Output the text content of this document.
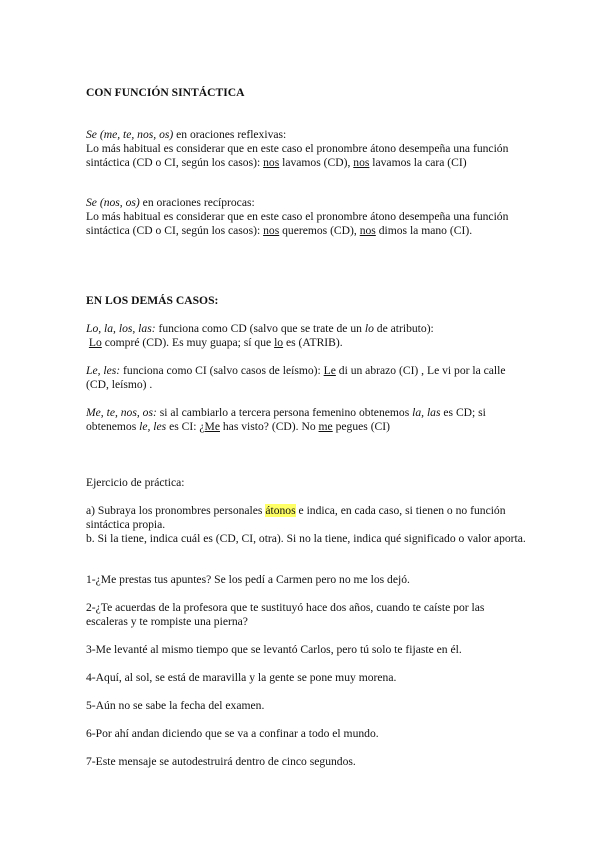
CON FUNCIÓN SINTÁCTICA

Se (me, te, nos, os) en oraciones reflexivas:
Lo más habitual es considerar que en este caso el pronombre átono desempeña una función sintáctica (CD o CI, según los casos): nos lavamos (CD), nos lavamos la cara (CI)

Se (nos, os) en oraciones recíprocas:
Lo más habitual es considerar que en este caso el pronombre átono desempeña una función sintáctica (CD o CI, según los casos): nos queremos (CD), nos dimos la mano (CI).

EN LOS DEMÁS CASOS:

Lo, la, los, las: funciona como CD (salvo que se trate de un lo de atributo):
Lo compré (CD). Es muy guapa; sí que lo es (ATRIB).

Le, les: funciona como CI (salvo casos de leísmo): Le di un abrazo (CI) , Le vi por la calle (CD, leísmo) .

Me, te, nos, os: si al cambiarlo a tercera persona femenino obtenemos la, las es CD; si obtenemos le, les es CI: ¿Me has visto? (CD). No me pegues (CI)

Ejercicio de práctica:

a) Subraya los pronombres personales átonos e indica, en cada caso, si tienen o no función sintáctica propia.
b. Si la tiene, indica cuál es (CD, CI, otra). Si no la tiene, indica qué significado o valor aporta.

1-¿Me prestas tus apuntes? Se los pedí a Carmen pero no me los dejó.

2-¿Te acuerdas de la profesora que te sustituyó hace dos años, cuando te caíste por las escaleras y te rompiste una pierna?

3-Me levanté al mismo tiempo que se levantó Carlos, pero tú solo te fijaste en él.

4-Aquí, al sol, se está de maravilla y la gente se pone muy morena.

5-Aún no se sabe la fecha del examen.

6-Por ahí andan diciendo que se va a confinar a todo el mundo.

7-Este mensaje se autodestruirá dentro de cinco segundos.
